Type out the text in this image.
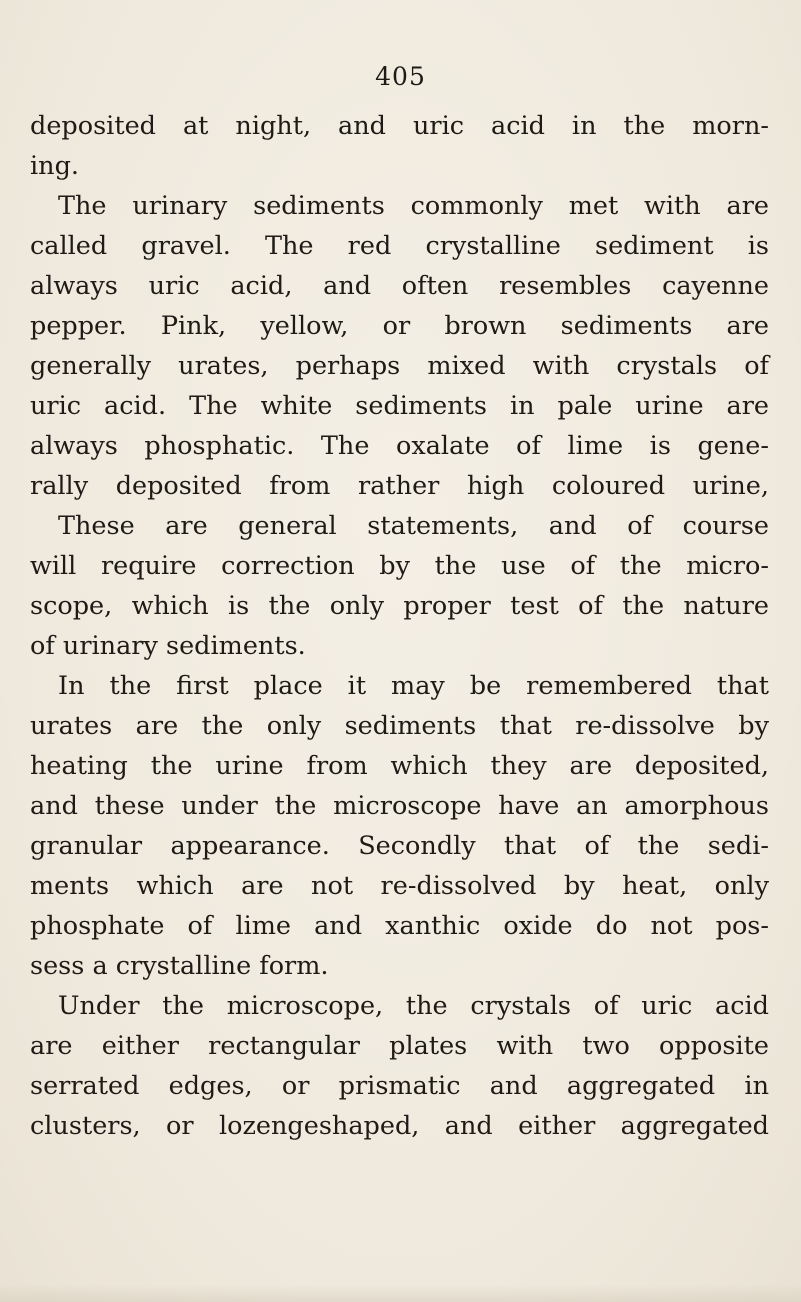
405
deposited at night, and uric acid in the morn-
ing.
The urinary sediments commonly met with are
called gravel. The red crystalline sediment is
always uric acid, and often resembles cayenne
pepper. Pink, yellow, or brown sediments are
generally urates, perhaps mixed with crystals of
uric acid. The white sediments in pale urine are
always phosphatic. The oxalate of lime is gene-
rally deposited from rather high coloured urine,
These are general statements, and of course
will require correction by the use of the micro-
scope, which is the only proper test of the nature
of urinary sediments.
In the first place it may be remembered that
urates are the only sediments that re-dissolve by
heating the urine from which they are deposited,
and these under the microscope have an amorphous
granular appearance. Secondly that of the sedi-
ments which are not re-dissolved by heat, only
phosphate of lime and xanthic oxide do not pos-
sess a crystalline form.
Under the microscope, the crystals of uric acid
are either rectangular plates with two opposite
serrated edges, or prismatic and aggregated in
clusters, or lozengeshaped, and either aggregated
